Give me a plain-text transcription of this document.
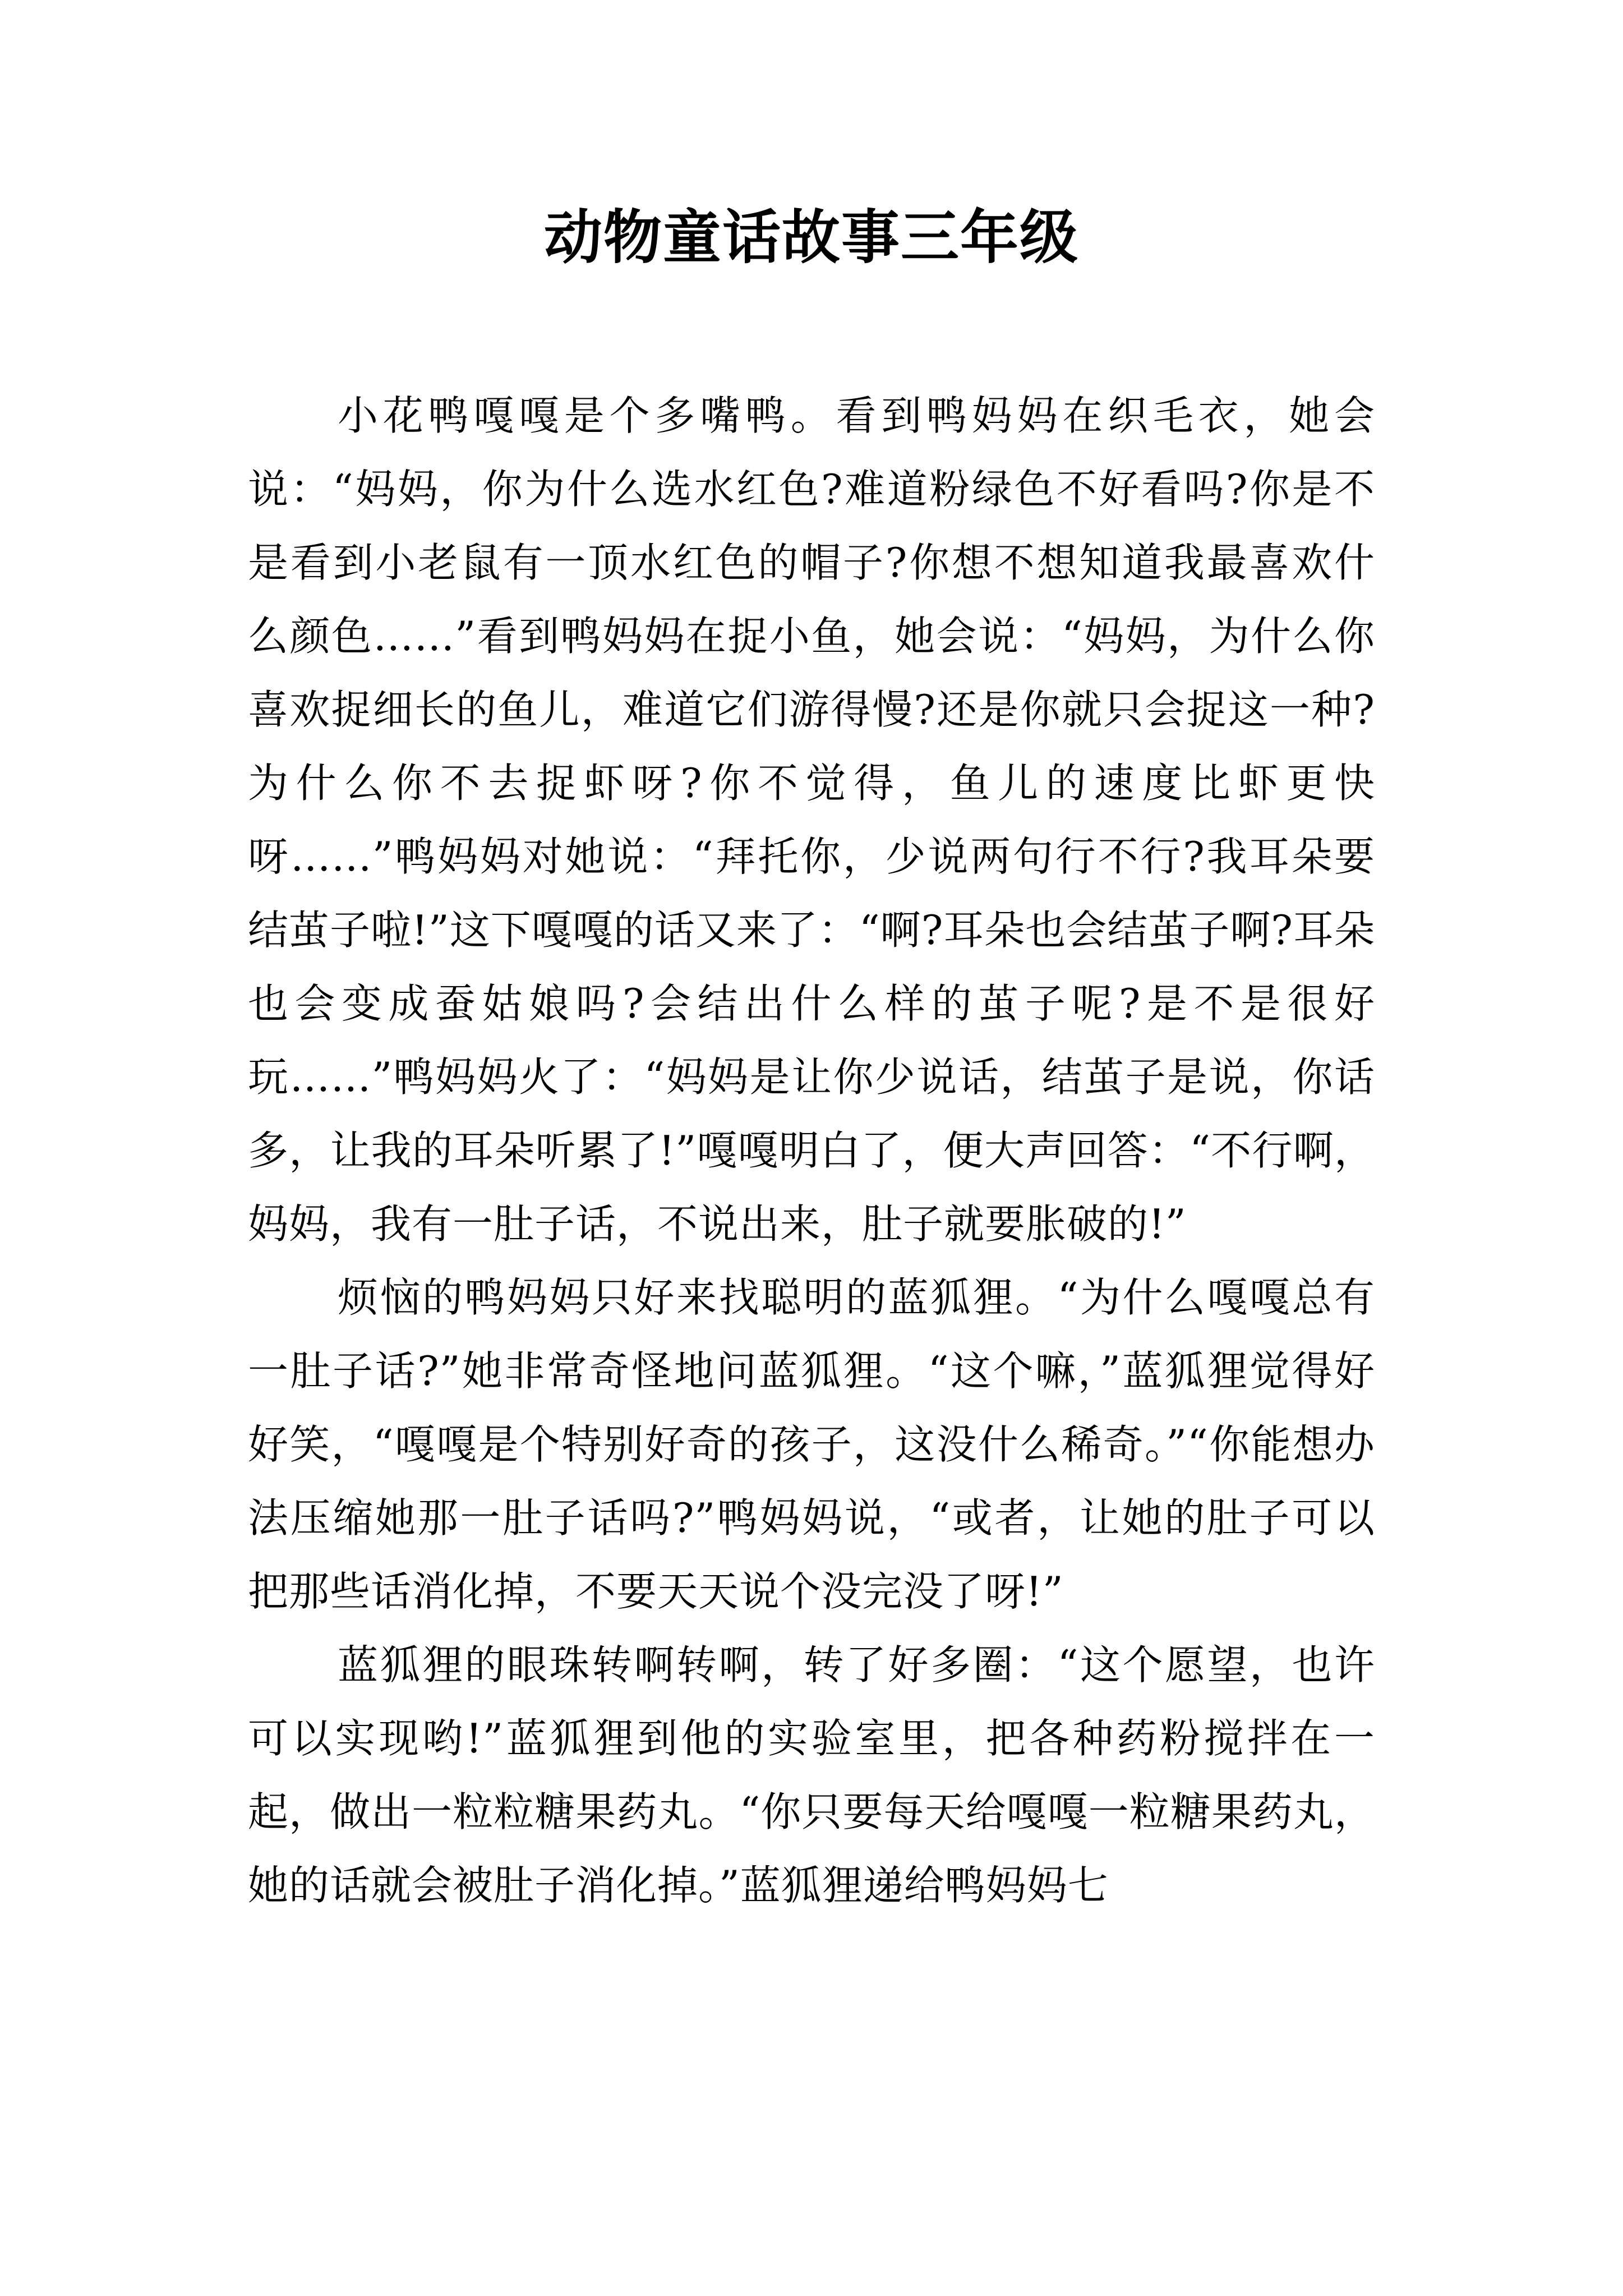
动物童话故事三年级

小花鸭嘎嘎是个多嘴鸭。看到鸭妈妈在织毛衣，她会说：“妈妈，你为什么选水红色?难道粉绿色不好看吗?你是不是看到小老鼠有一顶水红色的帽子?你想不想知道我最喜欢什么颜色……”看到鸭妈妈在捉小鱼，她会说：“妈妈，为什么你喜欢捉细长的鱼儿，难道它们游得慢?还是你就只会捉这一种?为什么你不去捉虾呀?你不觉得，鱼儿的速度比虾更快呀……”鸭妈妈对她说：“拜托你，少说两句行不行?我耳朵要结茧子啦!”这下嘎嘎的话又来了：“啊?耳朵也会结茧子啊?耳朵也会变成蚕姑娘吗?会结出什么样的茧子呢?是不是很好玩……”鸭妈妈火了：“妈妈是让你少说话，结茧子是说，你话多，让我的耳朵听累了!”嘎嘎明白了，便大声回答：“不行啊，妈妈，我有一肚子话，不说出来，肚子就要胀破的!”

烦恼的鸭妈妈只好来找聪明的蓝狐狸。“为什么嘎嘎总有一肚子话?”她非常奇怪地问蓝狐狸。“这个嘛，”蓝狐狸觉得好好笑，“嘎嘎是个特别好奇的孩子，这没什么稀奇。”“你能想办法压缩她那一肚子话吗?”鸭妈妈说，“或者，让她的肚子可以把那些话消化掉，不要天天说个没完没了呀!”

蓝狐狸的眼珠转啊转啊，转了好多圈：“这个愿望，也许可以实现哟!”蓝狐狸到他的实验室里，把各种药粉搅拌在一起，做出一粒粒糖果药丸。“你只要每天给嘎嘎一粒糖果药丸，她的话就会被肚子消化掉。”蓝狐狸递给鸭妈妈七
